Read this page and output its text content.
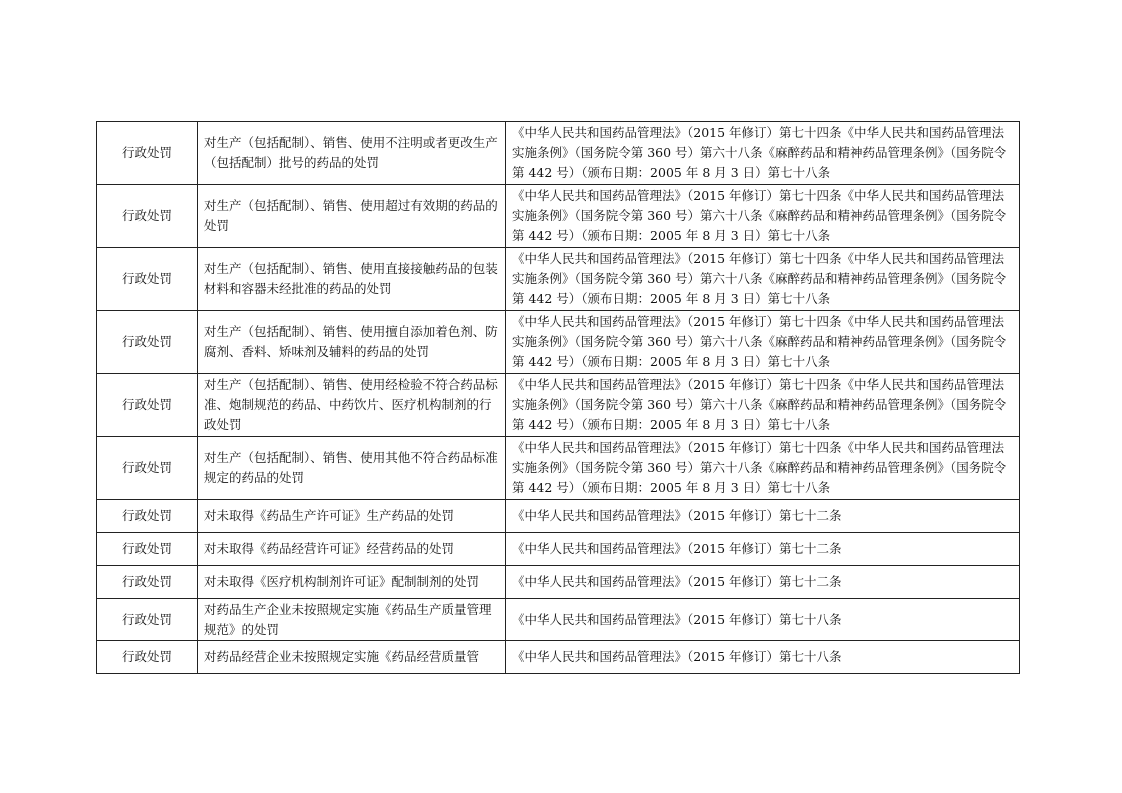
行政处罚	对生产（包括配制）、销售、使用不注明或者更改生产（包括配制）批号的药品的处罚	《中华人民共和国药品管理法》（2015 年修订）第七十四条《中华人民共和国药品管理法实施条例》（国务院令第 360 号）第六十八条《麻醉药品和精神药品管理条例》（国务院令第 442 号）（颁布日期：2005 年 8 月 3 日）第七十八条
行政处罚	对生产（包括配制）、销售、使用超过有效期的药品的处罚	《中华人民共和国药品管理法》（2015 年修订）第七十四条《中华人民共和国药品管理法实施条例》（国务院令第 360 号）第六十八条《麻醉药品和精神药品管理条例》（国务院令第 442 号）（颁布日期：2005 年 8 月 3 日）第七十八条
行政处罚	对生产（包括配制）、销售、使用直接接触药品的包装材料和容器未经批准的药品的处罚	《中华人民共和国药品管理法》（2015 年修订）第七十四条《中华人民共和国药品管理法实施条例》（国务院令第 360 号）第六十八条《麻醉药品和精神药品管理条例》（国务院令第 442 号）（颁布日期：2005 年 8 月 3 日）第七十八条
行政处罚	对生产（包括配制）、销售、使用擅自添加着色剂、防腐剂、香料、矫味剂及辅料的药品的处罚	《中华人民共和国药品管理法》（2015 年修订）第七十四条《中华人民共和国药品管理法实施条例》（国务院令第 360 号）第六十八条《麻醉药品和精神药品管理条例》（国务院令第 442 号）（颁布日期：2005 年 8 月 3 日）第七十八条
行政处罚	对生产（包括配制）、销售、使用经检验不符合药品标准、炮制规范的药品、中药饮片、医疗机构制剂的行政处罚	《中华人民共和国药品管理法》（2015 年修订）第七十四条《中华人民共和国药品管理法实施条例》（国务院令第 360 号）第六十八条《麻醉药品和精神药品管理条例》（国务院令第 442 号）（颁布日期：2005 年 8 月 3 日）第七十八条
行政处罚	对生产（包括配制）、销售、使用其他不符合药品标准规定的药品的处罚	《中华人民共和国药品管理法》（2015 年修订）第七十四条《中华人民共和国药品管理法实施条例》（国务院令第 360 号）第六十八条《麻醉药品和精神药品管理条例》（国务院令第 442 号）（颁布日期：2005 年 8 月 3 日）第七十八条
行政处罚	对未取得《药品生产许可证》生产药品的处罚	《中华人民共和国药品管理法》（2015 年修订）第七十二条
行政处罚	对未取得《药品经营许可证》经营药品的处罚	《中华人民共和国药品管理法》（2015 年修订）第七十二条
行政处罚	对未取得《医疗机构制剂许可证》配制制剂的处罚	《中华人民共和国药品管理法》（2015 年修订）第七十二条
行政处罚	对药品生产企业未按照规定实施《药品生产质量管理规范》的处罚	《中华人民共和国药品管理法》（2015 年修订）第七十八条
行政处罚	对药品经营企业未按照规定实施《药品经营质量管	《中华人民共和国药品管理法》（2015 年修订）第七十八条
